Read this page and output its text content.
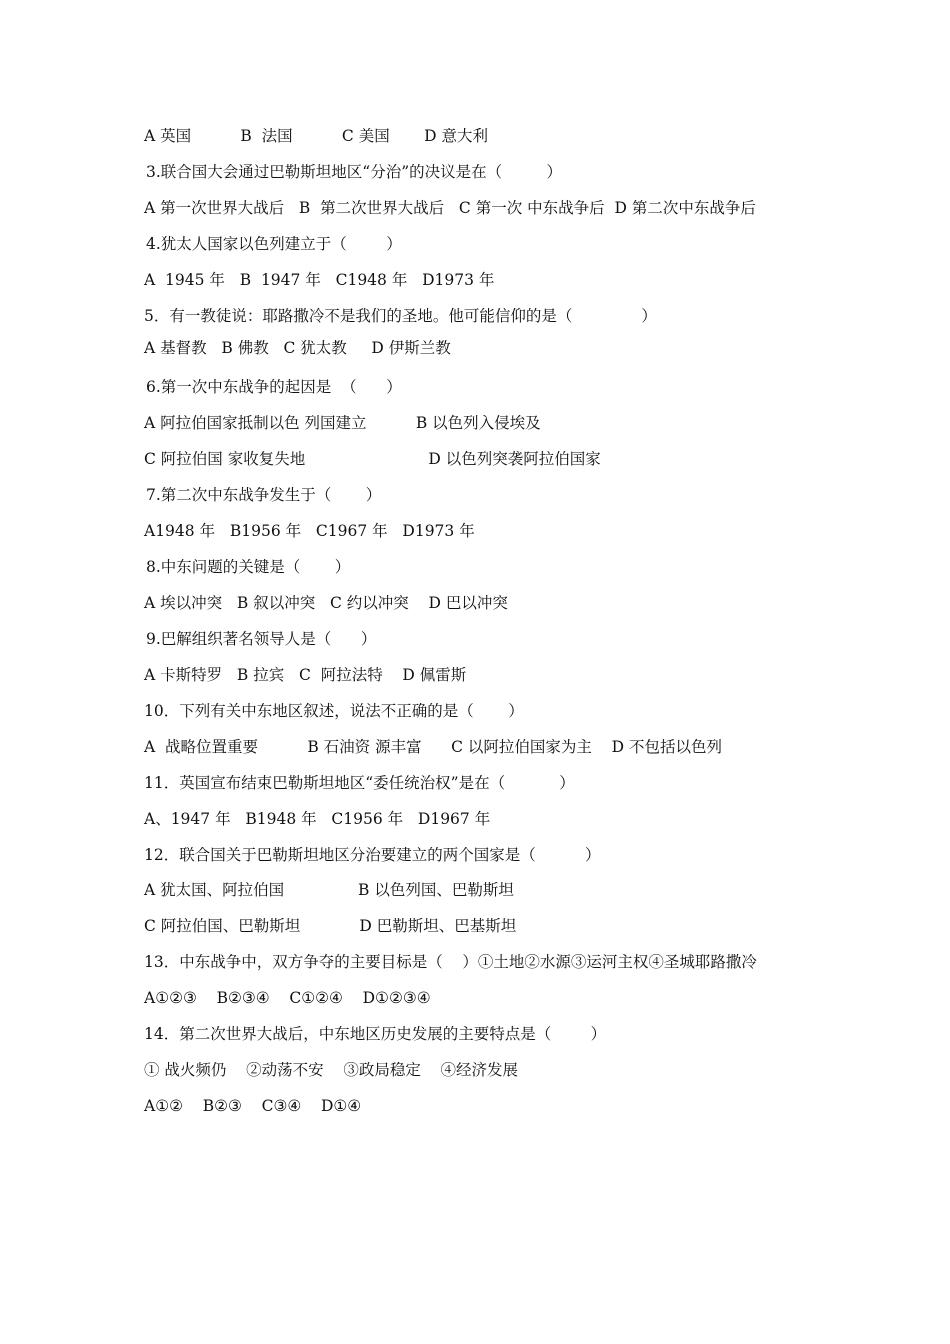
A 英国          B  法国          C 美国       D 意大利
3.联合国大会通过巴勒斯坦地区“分治”的决议是在（         ）
A 第一次世界大战后   B  第二次世界大战后   C 第一次 中东战争后  D 第二次中东战争后
4.犹太人国家以色列建立于（        ）
A  1945 年   B  1947 年   C1948 年   D1973 年
5．有一教徒说：耶路撒冷不是我们的圣地。他可能信仰的是（              ）
A 基督教   B 佛教   C 犹太教     D 伊斯兰教
6.第一次中东战争的起因是  （      ）
A 阿拉伯国家抵制以色 列国建立          B 以色列入侵埃及
C 阿拉伯国 家收复失地                         D 以色列突袭阿拉伯国家
7.第二次中东战争发生于（       ）
A1948 年   B1956 年   C1967 年   D1973 年
8.中东问题的关键是（       ）
A 埃以冲突   B 叙以冲突   C 约以冲突    D 巴以冲突
9.巴解组织著名领导人是（      ）
A 卡斯特罗   B 拉宾   C  阿拉法特    D 佩雷斯
10．下列有关中东地区叙述，说法不正确的是（       ）
A  战略位置重要          B 石油资 源丰富      C 以阿拉伯国家为主    D 不包括以色列
11．英国宣布结束巴勒斯坦地区“委任统治权”是在（           ）
A、1947 年   B1948 年   C1956 年   D1967 年
12．联合国关于巴勒斯坦地区分治要建立的两个国家是（          ）
A 犹太国、阿拉伯国               B 以色列国、巴勒斯坦
C 阿拉伯国、巴勒斯坦            D 巴勒斯坦、巴基斯坦
13．中东战争中，双方争夺的主要目标是（    ）①土地②水源③运河主权④圣城耶路撒冷
A①②③    B②③④    C①②④    D①②③④
14．第二次世界大战后，中东地区历史发展的主要特点是（        ）
① 战火频仍    ②动荡不安    ③政局稳定    ④经济发展
A①②    B②③    C③④    D①④
